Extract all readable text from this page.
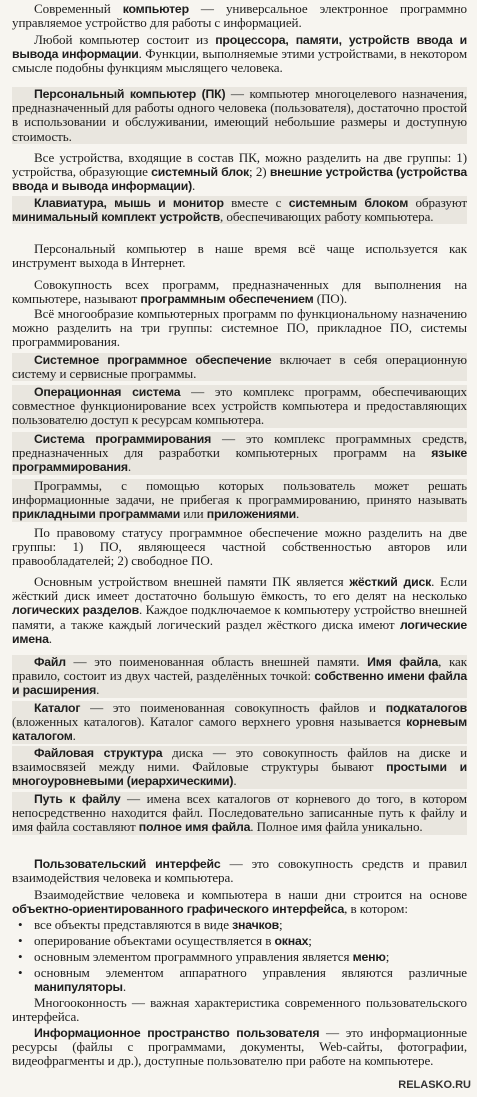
Современный компьютер — универсальное электронное программно управляемое устройство для работы с информацией.
Любой компьютер состоит из процессора, памяти, устройств ввода и вывода информации. Функции, выполняемые этими устройствами, в некотором смысле подобны функциям мыслящего человека.
Персональный компьютер (ПК) — компьютер многоцелевого назначения, предназначенный для работы одного человека (пользователя), достаточно простой в использовании и обслуживании, имеющий небольшие размеры и доступную стоимость.
Все устройства, входящие в состав ПК, можно разделить на две группы: 1) устройства, образующие системный блок; 2) внешние устройства (устройства ввода и вывода информации).
Клавиатура, мышь и монитор вместе с системным блоком образуют минимальный комплект устройств, обеспечивающих работу компьютера.
Персональный компьютер в наше время всё чаще используется как инструмент выхода в Интернет.
Совокупность всех программ, предназначенных для выполнения на компьютере, называют программным обеспечением (ПО).
Всё многообразие компьютерных программ по функциональному назначению можно разделить на три группы: системное ПО, прикладное ПО, системы программирования.
Системное программное обеспечение включает в себя операционную систему и сервисные программы.
Операционная система — это комплекс программ, обеспечивающих совместное функционирование всех устройств компьютера и предоставляющих пользователю доступ к ресурсам компьютера.
Система программирования — это комплекс программных средств, предназначенных для разработки компьютерных программ на языке программирования.
Программы, с помощью которых пользователь может решать информационные задачи, не прибегая к программированию, принято называть прикладными программами или приложениями.
По правовому статусу программное обеспечение можно разделить на две группы: 1) ПО, являющееся частной собственностью авторов или правообладателей; 2) свободное ПО.
Основным устройством внешней памяти ПК является жёсткий диск. Если жёсткий диск имеет достаточно большую ёмкость, то его делят на несколько логических разделов. Каждое подключаемое к компьютеру устройство внешней памяти, а также каждый логический раздел жёсткого диска имеют логические имена.
Файл — это поименованная область внешней памяти. Имя файла, как правило, состоит из двух частей, разделённых точкой: собственно имени файла и расширения.
Каталог — это поименованная совокупность файлов и подкаталогов (вложенных каталогов). Каталог самого верхнего уровня называется корневым каталогом.
Файловая структура диска — это совокупность файлов на диске и взаимосвязей между ними. Файловые структуры бывают простыми и многоуровневыми (иерархическими).
Путь к файлу — имена всех каталогов от корневого до того, в котором непосредственно находится файл. Последовательно записанные путь к файлу и имя файла составляют полное имя файла. Полное имя файла уникально.
Пользовательский интерфейс — это совокупность средств и правил взаимодействия человека и компьютера.
Взаимодействие человека и компьютера в наши дни строится на основе объектно-ориентированного графического интерфейса, в котором:
• все объекты представляются в виде значков;
• оперирование объектами осуществляется в окнах;
• основным элементом программного управления является меню;
• основным элементом аппаратного управления являются различные манипуляторы.
Многооконность — важная характеристика современного пользовательского интерфейса.
Информационное пространство пользователя — это информационные ресурсы (файлы с программами, документы, Web-сайты, фотографии, видеофрагменты и др.), доступные пользователю при работе на компьютере.
RELASKO.RU
